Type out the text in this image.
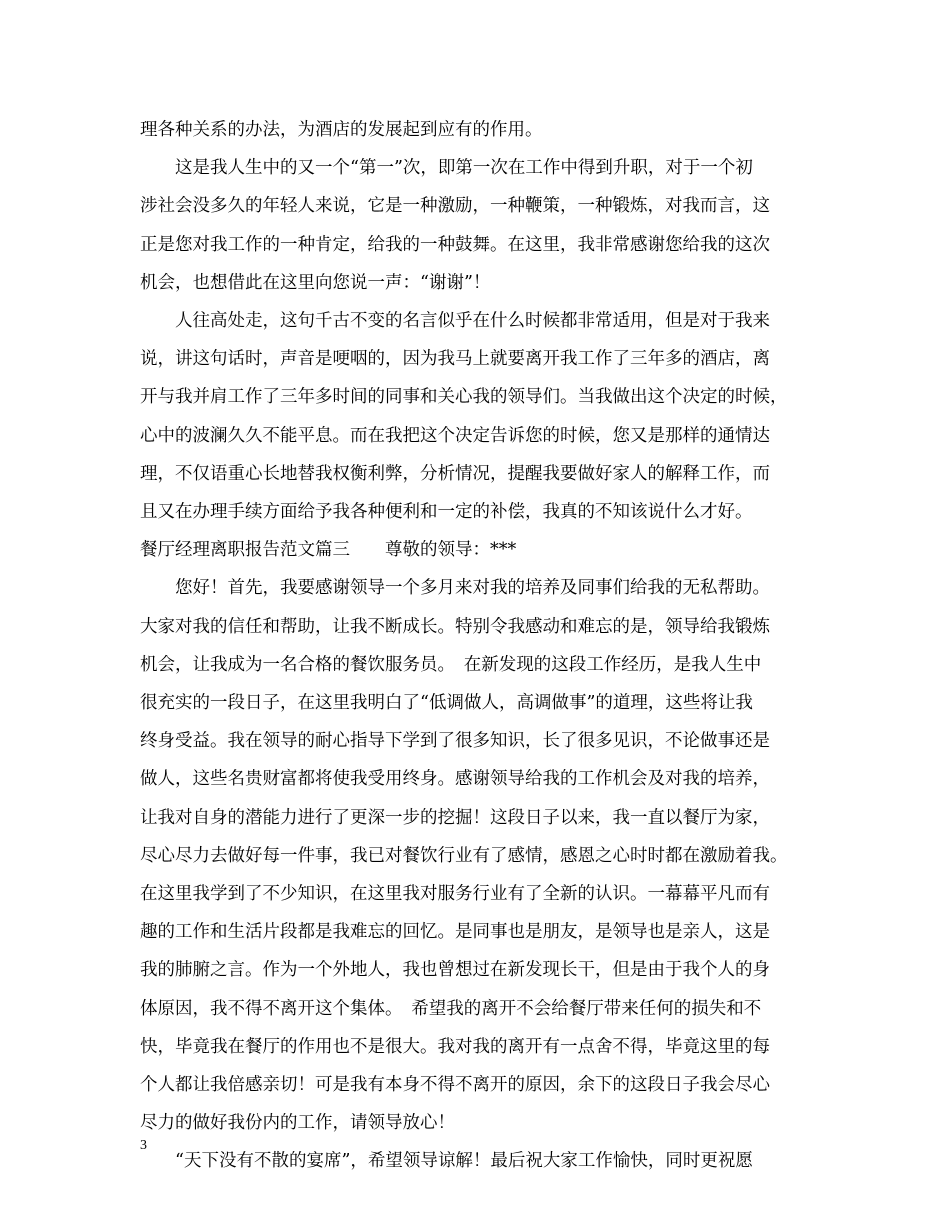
理各种关系的办法，为酒店的发展起到应有的作用。
　　这是我人生中的又一个“第一”次，即第一次在工作中得到升职，对于一个初
涉社会没多久的年轻人来说，它是一种激励，一种鞭策，一种锻炼，对我而言，这
正是您对我工作的一种肯定，给我的一种鼓舞。在这里，我非常感谢您给我的这次
机会，也想借此在这里向您说一声：“谢谢”！
　　人往高处走，这句千古不变的名言似乎在什么时候都非常适用，但是对于我来
说，讲这句话时，声音是哽咽的，因为我马上就要离开我工作了三年多的酒店，离
开与我并肩工作了三年多时间的同事和关心我的领导们。当我做出这个决定的时候，
心中的波澜久久不能平息。而在我把这个决定告诉您的时候，您又是那样的通情达
理，不仅语重心长地替我权衡利弊，分析情况，提醒我要做好家人的解释工作，而
且又在办理手续方面给予我各种便利和一定的补偿，我真的不知该说什么才好。
餐厅经理离职报告范文篇三　　尊敬的领导：***
　　您好！首先，我要感谢领导一个多月来对我的培养及同事们给我的无私帮助。
大家对我的信任和帮助，让我不断成长。特别令我感动和难忘的是，领导给我锻炼
机会，让我成为一名合格的餐饮服务员。　在新发现的这段工作经历，是我人生中
很充实的一段日子，在这里我明白了“低调做人，高调做事”的道理，这些将让我
终身受益。我在领导的耐心指导下学到了很多知识，长了很多见识，不论做事还是
做人，这些名贵财富都将使我受用终身。感谢领导给我的工作机会及对我的培养，
让我对自身的潜能力进行了更深一步的挖掘！这段日子以来，我一直以餐厅为家，
尽心尽力去做好每一件事，我已对餐饮行业有了感情，感恩之心时时都在激励着我。
在这里我学到了不少知识，在这里我对服务行业有了全新的认识。一幕幕平凡而有
趣的工作和生活片段都是我难忘的回忆。是同事也是朋友，是领导也是亲人，这是
我的肺腑之言。作为一个外地人，我也曾想过在新发现长干，但是由于我个人的身
体原因，我不得不离开这个集体。　希望我的离开不会给餐厅带来任何的损失和不
快，毕竟我在餐厅的作用也不是很大。我对我的离开有一点舍不得，毕竟这里的每
个人都让我倍感亲切！可是我有本身不得不离开的原因，余下的这段日子我会尽心
尽力的做好我份内的工作，请领导放心！
　　“天下没有不散的宴席”，希望领导谅解！最后祝大家工作愉快，同时更祝愿
3
